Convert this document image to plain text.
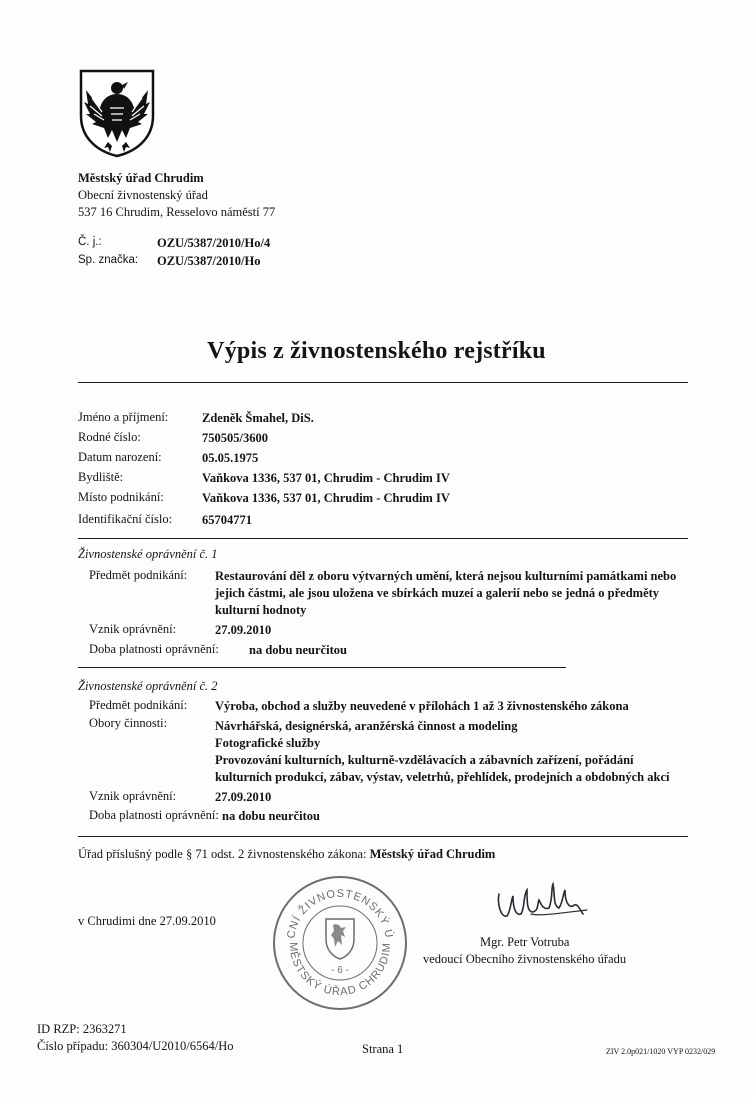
Městský úřad Chrudim
Obecní živnostenský úřad
537 16 Chrudim, Resselovo náměstí 77
Č. j.:	OZU/5387/2010/Ho/4
Sp. značka: OZU/5387/2010/Ho
Výpis z živnostenského rejstříku
Jméno a příjmení:	Zdeněk Šmahel, DiS.
Rodné číslo:	750505/3600
Datum narození:	05.05.1975
Bydliště:	Vaňkova 1336, 537 01, Chrudim - Chrudim IV
Místo podnikání:	Vaňkova 1336, 537 01, Chrudim - Chrudim IV
Identifikační číslo: 65704771
Živnostenské oprávnění č. 1
Předmět podnikání: Restaurování děl z oboru výtvarných umění, která nejsou kulturními památkami nebo
jejich částmi, ale jsou uložena ve sbírkách muzeí a galerií nebo se jedná o předměty
kulturní hodnoty
Vznik oprávnění:	27.09.2010
Doba platnosti oprávnění: na dobu neurčitou
Živnostenské oprávnění č. 2
Předmět podnikání: Výroba, obchod a služby neuvedené v přílohách 1 až 3 živnostenského zákona
Obory činnosti:	Návrhářská, designérská, aranžérská činnost a modeling
Fotografické služby
Provozování kulturních, kulturně-vzdělávacích a zábavních zařízení, pořádání
kulturních produkcí, zábav, výstav, veletrhů, přehlídek, prodejních a obdobných akcí
Vznik oprávnění:	27.09.2010
Doba platnosti oprávnění: na dobu neurčitou
Úřad příslušný podle § 71 odst. 2 živnostenského zákona: Městský úřad Chrudim
v Chrudimi dne 27.09.2010
CNÍ ŽIVNOSTENSKÝ Ú
MĚSTSKÝ ÚŘAD CHRUDIM
- 6 -
Mgr. Petr Votruba
vedoucí Obecního živnostenského úřadu
ID RZP: 2363271
Číslo případu: 360304/U2010/6564/Ho	Strana 1	ZIV 2.0p021/1020 VYP 0232/029
